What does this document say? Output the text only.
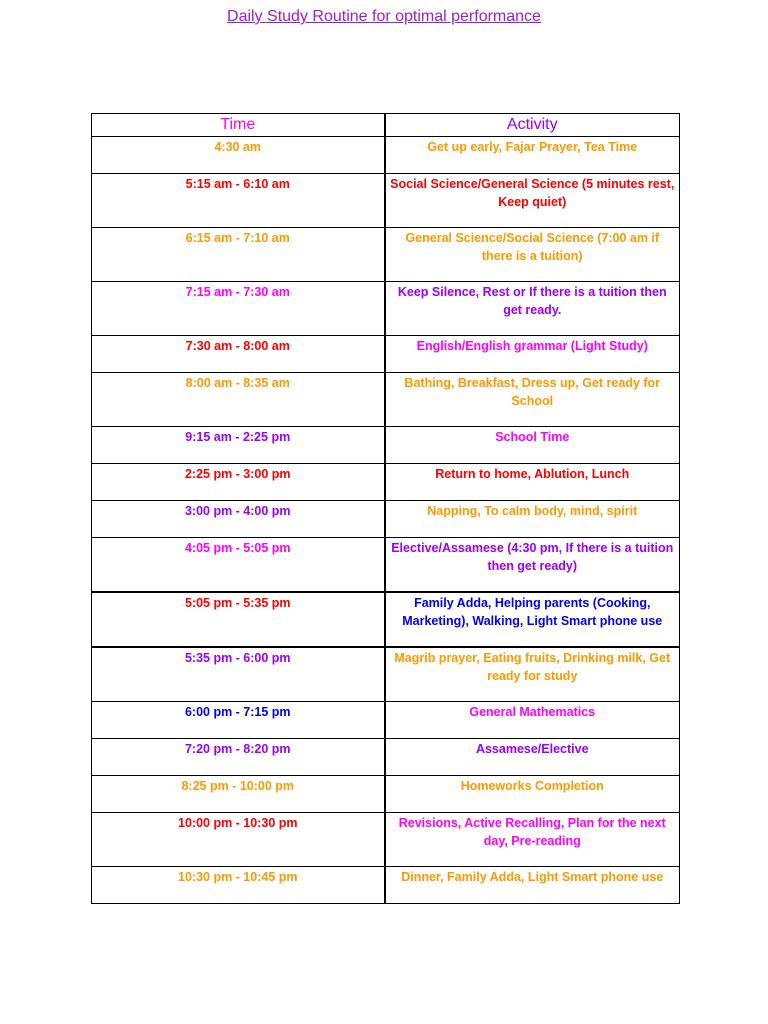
Daily Study Routine for optimal performance
Time	Activity
4:30 am	Get up early, Fajar Prayer, Tea Time
5:15 am - 6:10 am	Social Science/General Science (5 minutes rest, Keep quiet)
6:15 am - 7:10 am	General Science/Social Science (7:00 am if there is a tuition)
7:15 am - 7:30 am	Keep Silence, Rest or If there is a tuition then get ready.
7:30 am - 8:00 am	English/English grammar (Light Study)
8:00 am - 8:35 am	Bathing, Breakfast, Dress up, Get ready for School
9:15 am - 2:25 pm	School Time
2:25 pm - 3:00 pm	Return to home, Ablution, Lunch
3:00 pm - 4:00 pm	Napping, To calm body, mind, spirit
4:05 pm - 5:05 pm	Elective/Assamese (4:30 pm, If there is a tuition then get ready)
5:05 pm - 5:35 pm	Family Adda, Helping parents (Cooking, Marketing), Walking, Light Smart phone use
5:35 pm - 6:00 pm	Magrib prayer, Eating fruits, Drinking milk, Get ready for study
6:00 pm - 7:15 pm	General Mathematics
7:20 pm - 8:20 pm	Assamese/Elective
8:25 pm - 10:00 pm	Homeworks Completion
10:00 pm - 10:30 pm	Revisions, Active Recalling, Plan for the next day, Pre-reading
10:30 pm - 10:45 pm	Dinner, Family Adda, Light Smart phone use
